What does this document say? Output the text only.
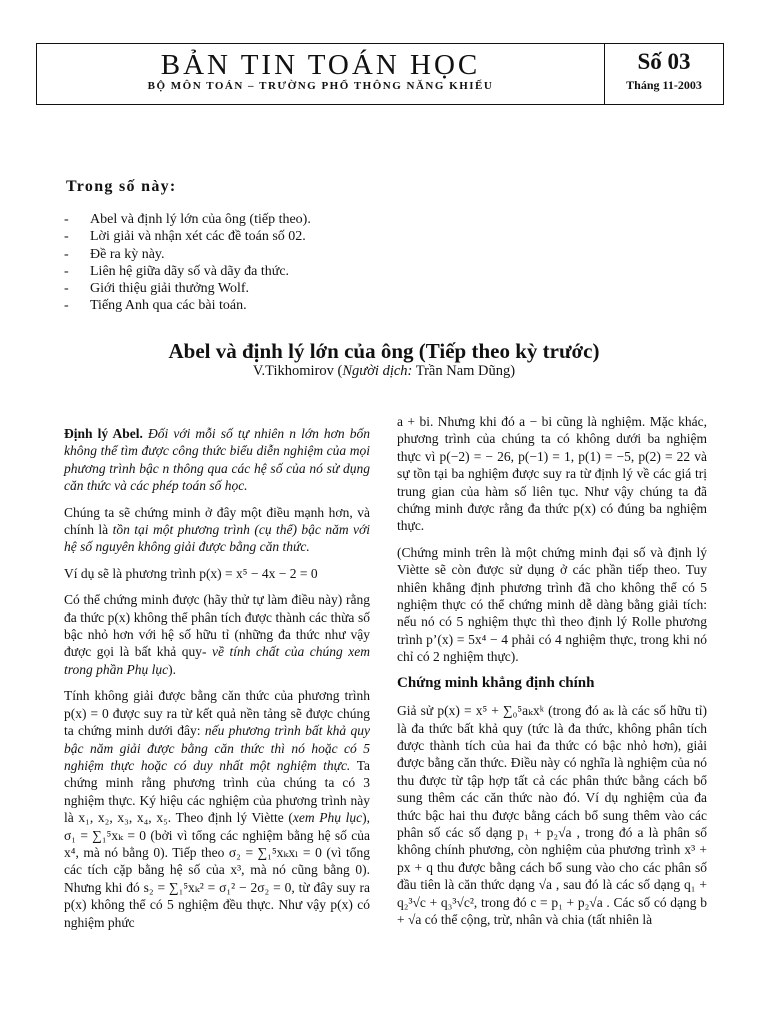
BẢN TIN TOÁN HỌC
BỘ MÔN TOÁN – TRƯỜNG PHỔ THÔNG NĂNG KHIẾU
Số 03
Tháng 11-2003
Trong số này:
- Abel và định lý lớn của ông (tiếp theo).
- Lời giải và nhận xét các đề toán số 02.
- Đề ra kỳ này.
- Liên hệ giữa dãy số và dãy đa thức.
- Giới thiệu giải thưởng Wolf.
- Tiếng Anh qua các bài toán.
Abel và định lý lớn của ông (Tiếp theo kỳ trước)
V.Tikhomirov (Người dịch: Trần Nam Dũng)

Định lý Abel. Đối với mỗi số tự nhiên n lớn hơn bốn không thể tìm được công thức biểu diễn nghiệm của mọi phương trình bậc n thông qua các hệ số của nó sử dụng căn thức và các phép toán số học.

Chúng ta sẽ chứng minh ở đây một điều mạnh hơn, và chính là tồn tại một phương trình (cụ thể) bậc năm với hệ số nguyên không giải được bằng căn thức.

Ví dụ sẽ là phương trình p(x) = x⁵ − 4x − 2 = 0

Có thể chứng minh được (hãy thử tự làm điều này) rằng đa thức p(x) không thể phân tích được thành các thừa số bậc nhỏ hơn với hệ số hữu tỉ (những đa thức như vậy được gọi là bất khả quy- về tính chất của chúng xem trong phần Phụ lục).

Tính không giải được bằng căn thức của phương trình p(x) = 0 được suy ra từ kết quả nền tảng sẽ được chúng ta chứng minh dưới đây: nếu phương trình bất khả quy bậc năm giải được bằng căn thức thì nó hoặc có 5 nghiệm thực hoặc có duy nhất một nghiệm thực. Ta chứng minh rằng phương trình của chúng ta có 3 nghiệm thực. Ký hiệu các nghiệm của phương trình này là x₁, x₂, x₃, x₄, x₅. Theo định lý Viètte (xem Phụ lục), σ₁ = ∑₁⁵xₖ = 0 (bởi vì tổng các nghiệm bằng hệ số của x⁴, mà nó bằng 0). Tiếp theo σ₂ = ∑₁⁵xₖxₗ = 0 (vì tổng các tích cặp bằng hệ số của x³, mà nó cũng bằng 0). Nhưng khi đó s₂ = ∑₁⁵xₖ² = σ₁² − 2σ₂ = 0, từ đây suy ra p(x) không thể có 5 nghiệm đều thực. Như vậy p(x) có nghiệm phức

a + bi. Nhưng khi đó a − bi cũng là nghiệm. Mặc khác, phương trình của chúng ta có không dưới ba nghiệm thực vì p(−2) = − 26, p(−1) = 1, p(1) = −5, p(2) = 22 và sự tồn tại ba nghiệm được suy ra từ định lý về các giá trị trung gian của hàm số liên tục. Như vậy chúng ta đã chứng minh được rằng đa thức p(x) có đúng ba nghiệm thực.

(Chứng minh trên là một chứng minh đại số và định lý Viètte sẽ còn được sử dụng ở các phần tiếp theo. Tuy nhiên khẳng định phương trình đã cho không thể có 5 nghiệm thực có thể chứng minh dễ dàng bằng giải tích: nếu nó có 5 nghiệm thực thì theo định lý Rolle phương trình p’(x) = 5x⁴ − 4 phải có 4 nghiệm thực, trong khi nó chỉ có 2 nghiệm thực).

Chứng minh khẳng định chính

Giả sử p(x) = x⁵ + ∑₀⁵aₖxᵏ (trong đó aₖ là các số hữu tỉ) là đa thức bất khả quy (tức là đa thức, không phân tích được thành tích của hai đa thức có bậc nhỏ hơn), giải được bằng căn thức. Điều này có nghĩa là nghiệm của nó thu được từ tập hợp tất cả các phân thức bằng cách bổ sung thêm các căn thức nào đó. Ví dụ nghiệm của đa thức bậc hai thu được bằng cách bổ sung thêm vào các phân số các số dạng p₁ + p₂√a , trong đó a là phân số không chính phương, còn nghiệm của phương trình x³ + px + q thu được bằng cách bổ sung vào cho các phân số đầu tiên là căn thức dạng √a , sau đó là các số dạng q₁ + q₂³√c + q₃³√c², trong đó c = p₁ + p₂√a . Các số có dạng b + √a có thể cộng, trừ, nhân và chia (tất nhiên là
